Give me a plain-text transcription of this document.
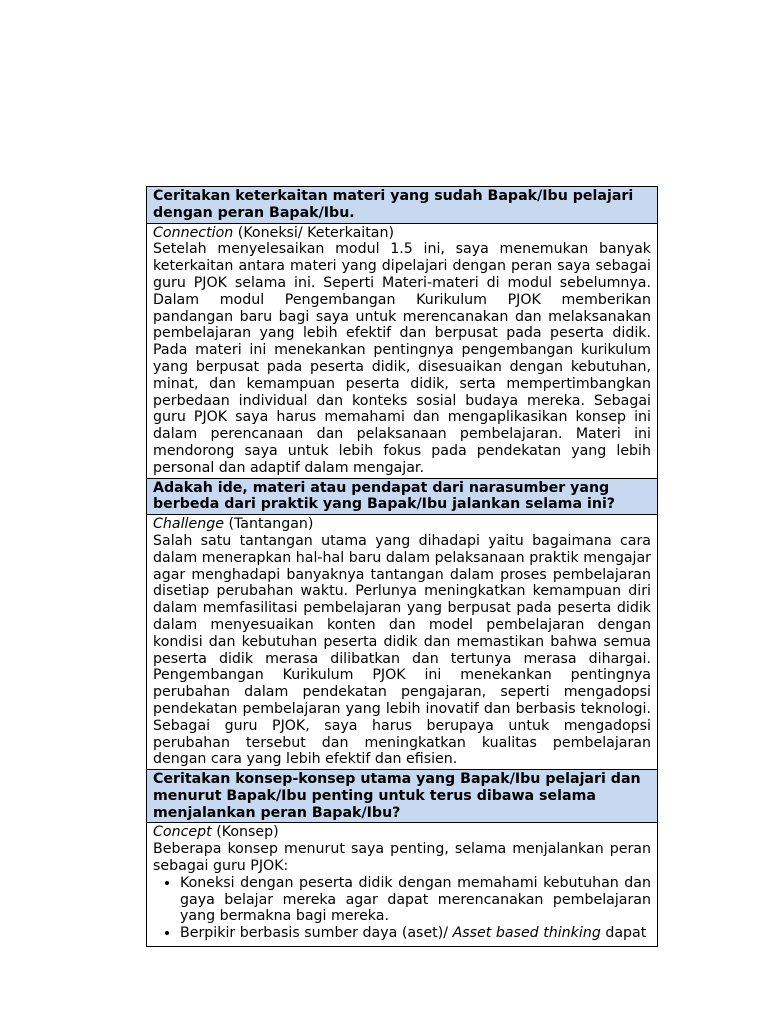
Ceritakan keterkaitan materi yang sudah Bapak/Ibu pelajari dengan peran Bapak/Ibu.

Connection (Koneksi/ Keterkaitan)

Setelah menyelesaikan modul 1.5 ini, saya menemukan banyak keterkaitan antara materi yang dipelajari dengan peran saya sebagai guru PJOK selama ini. Seperti Materi-materi di modul sebelumnya. Dalam modul Pengembangan Kurikulum PJOK memberikan pandangan baru bagi saya untuk merencanakan dan melaksanakan pembelajaran yang lebih efektif dan berpusat pada peserta didik. Pada materi ini menekankan pentingnya pengembangan kurikulum yang berpusat pada peserta didik, disesuaikan dengan kebutuhan, minat, dan kemampuan peserta didik, serta mempertimbangkan perbedaan individual dan konteks sosial budaya mereka. Sebagai guru PJOK saya harus memahami dan mengaplikasikan konsep ini dalam perencanaan dan pelaksanaan pembelajaran. Materi ini mendorong saya untuk lebih fokus pada pendekatan yang lebih personal dan adaptif dalam mengajar.

Adakah ide, materi atau pendapat dari narasumber yang berbeda dari praktik yang Bapak/Ibu jalankan selama ini?

Challenge (Tantangan)

Salah satu tantangan utama yang dihadapi yaitu bagaimana cara dalam menerapkan hal-hal baru dalam pelaksanaan praktik mengajar agar menghadapi banyaknya tantangan dalam proses pembelajaran disetiap perubahan waktu. Perlunya meningkatkan kemampuan diri dalam memfasilitasi pembelajaran yang berpusat pada peserta didik dalam menyesuaikan konten dan model pembelajaran dengan kondisi dan kebutuhan peserta didik dan memastikan bahwa semua peserta didik merasa dilibatkan dan tertunya merasa dihargai. Pengembangan Kurikulum PJOK ini menekankan pentingnya perubahan dalam pendekatan pengajaran, seperti mengadopsi pendekatan pembelajaran yang lebih inovatif dan berbasis teknologi. Sebagai guru PJOK, saya harus berupaya untuk mengadopsi perubahan tersebut dan meningkatkan kualitas pembelajaran dengan cara yang lebih efektif dan efisien.

Ceritakan konsep-konsep utama yang Bapak/Ibu pelajari dan menurut Bapak/Ibu penting untuk terus dibawa selama menjalankan peran Bapak/Ibu?

Concept (Konsep)

Beberapa konsep menurut saya penting, selama menjalankan peran sebagai guru PJOK:

• Koneksi dengan peserta didik dengan memahami kebutuhan dan gaya belajar mereka agar dapat merencanakan pembelajaran yang bermakna bagi mereka.
• Berpikir berbasis sumber daya (aset)/ Asset based thinking dapat
